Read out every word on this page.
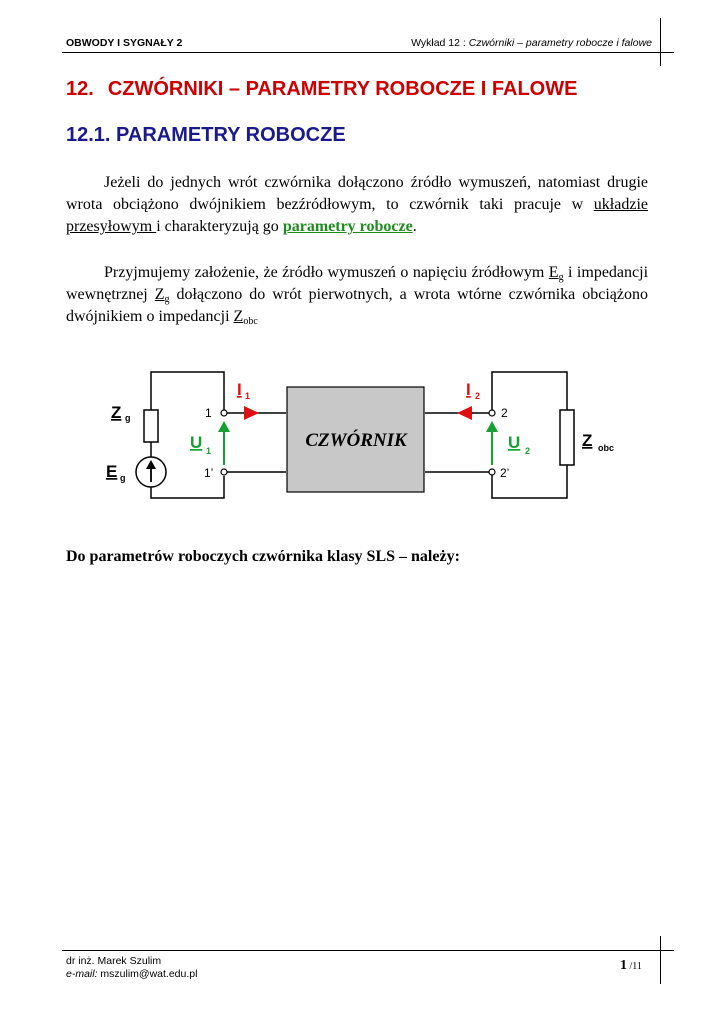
OBWODY I SYGNAŁY 2	Wykład 12 : Czwórniki – parametry robocze i falowe
12. CZWÓRNIKI – PARAMETRY ROBOCZE I FALOWE
12.1. PARAMETRY ROBOCZE
Jeżeli do jednych wrót czwórnika dołączono źródło wymuszeń, natomiast drugie wrota obciążono dwójnikiem bezźródłowym, to czwórnik taki pracuje w układzie przesyłowym i charakteryzują go parametry robocze.
Przyjmujemy założenie, że źródło wymuszeń o napięciu źródłowym $E_g$ i impedancji wewnętrznej $Z_g$ dołączono do wrót pierwotnych, a wrota wtórne czwórnika obciążono dwójnikiem o impedancji $Z_{obc}$
CZWÓRNIK
Z g
E g
I 1	I 2
U 1	U 2
Z obc
1
1’
2
2’
Do parametrów roboczych czwórnika klasy SLS – należy:
dr inż. Marek Szulim
e-mail: mszulim@wat.edu.pl
1 /11
